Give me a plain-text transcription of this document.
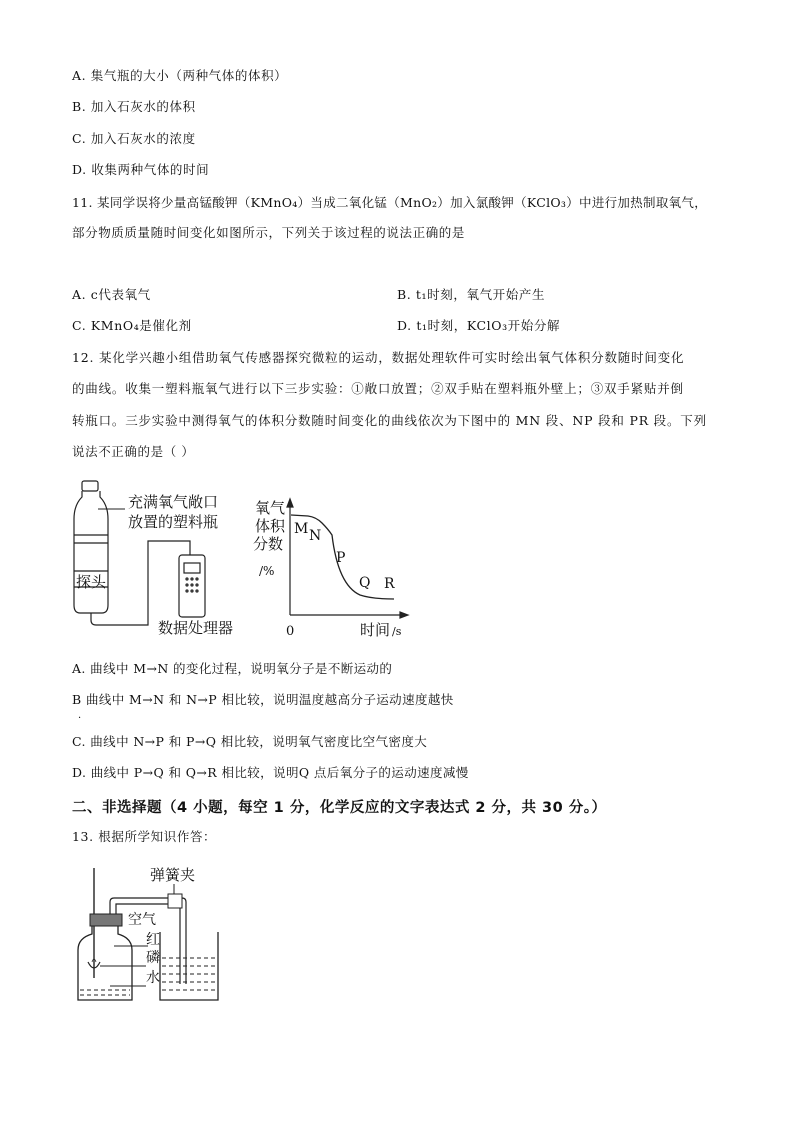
A. 集气瓶的大小（两种气体的体积）
B. 加入石灰水的体积
C. 加入石灰水的浓度
D. 收集两种气体的时间
11. 某同学误将少量高锰酸钾（KMnO₄）当成二氧化锰（MnO₂）加入氯酸钾（KClO₃）中进行加热制取氧气，
部分物质质量随时间变化如图所示，下列关于该过程的说法正确的是
A. c代表氧气	B. t₁时刻，氧气开始产生
C. KMnO₄是催化剂	D. t₁时刻，KClO₃开始分解
12. 某化学兴趣小组借助氧气传感器探究微粒的运动，数据处理软件可实时绘出氧气体积分数随时间变化
的曲线。收集一塑料瓶氧气进行以下三步实验：①敞口放置；②双手贴在塑料瓶外壁上；③双手紧贴并倒
转瓶口。三步实验中测得氧气的体积分数随时间变化的曲线依次为下图中的 MN 段、NP 段和 PR 段。下列
说法不正确的是（ ）
充满氧气敞口
放置的塑料瓶
探头
数据处理器
氧气
体积
分数
/%
M N
P
Q R
0	时间 /s
A. 曲线中 M→N 的变化过程，说明氧分子是不断运动的
B 曲线中 M→N 和 N→P 相比较，说明温度越高分子运动速度越快
·
C. 曲线中 N→P 和 P→Q 相比较，说明氧气密度比空气密度大
D. 曲线中 P→Q 和 Q→R 相比较，说明Q 点后氧分子的运动速度减慢
二、非选择题（4 小题，每空 1 分，化学反应的文字表达式 2 分，共 30 分。）
13. 根据所学知识作答：
弹簧夹
空气
红
磷
水
